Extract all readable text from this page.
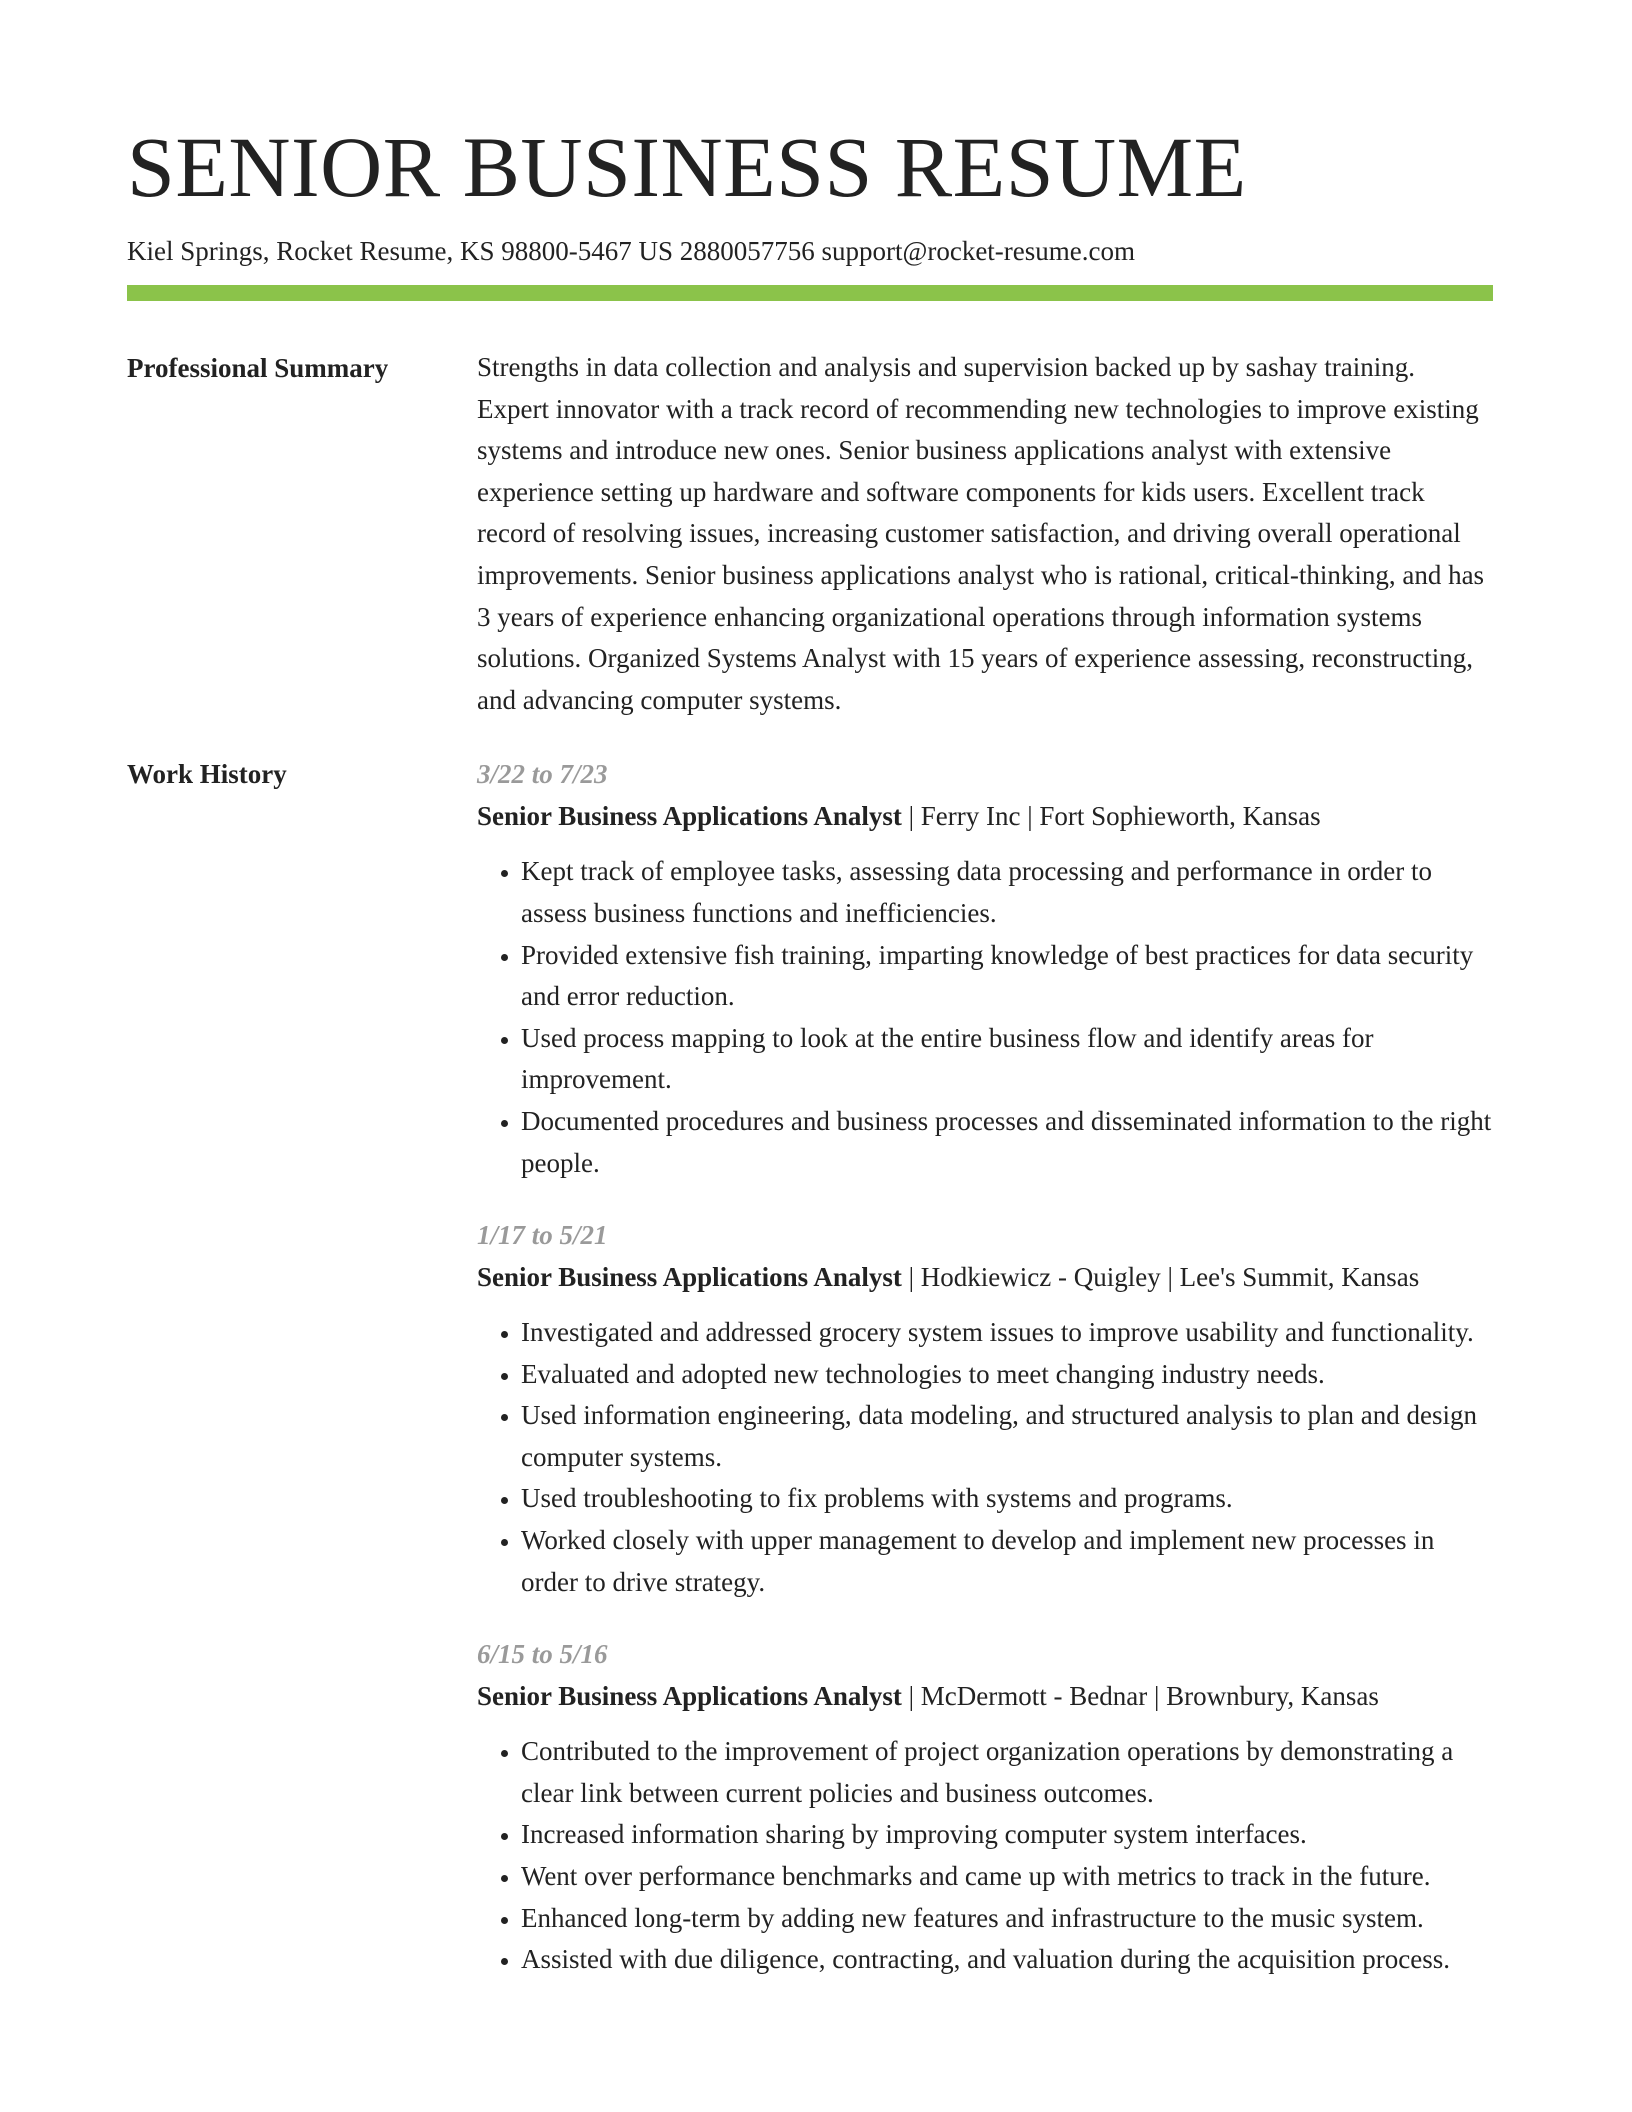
SENIOR BUSINESS RESUME
Kiel Springs, Rocket Resume, KS 98800-5467 US 2880057756 support@rocket-resume.com
Professional Summary	Strengths in data collection and analysis and supervision backed up by sashay training. Expert innovator with a track record of recommending new technologies to improve existing systems and introduce new ones. Senior business applications analyst with extensive experience setting up hardware and software components for kids users. Excellent track record of resolving issues, increasing customer satisfaction, and driving overall operational improvements. Senior business applications analyst who is rational, critical-thinking, and has 3 years of experience enhancing organizational operations through information systems solutions. Organized Systems Analyst with 15 years of experience assessing, reconstructing, and advancing computer systems.

Work History	3/22 to 7/23
Senior Business Applications Analyst | Ferry Inc | Fort Sophieworth, Kansas
• Kept track of employee tasks, assessing data processing and performance in order to assess business functions and inefficiencies.
• Provided extensive fish training, imparting knowledge of best practices for data security and error reduction.
• Used process mapping to look at the entire business flow and identify areas for improvement.
• Documented procedures and business processes and disseminated information to the right people.
1/17 to 5/21
Senior Business Applications Analyst | Hodkiewicz - Quigley | Lee's Summit, Kansas
• Investigated and addressed grocery system issues to improve usability and functionality.
• Evaluated and adopted new technologies to meet changing industry needs.
• Used information engineering, data modeling, and structured analysis to plan and design computer systems.
• Used troubleshooting to fix problems with systems and programs.
• Worked closely with upper management to develop and implement new processes in order to drive strategy.
6/15 to 5/16
Senior Business Applications Analyst | McDermott - Bednar | Brownbury, Kansas
• Contributed to the improvement of project organization operations by demonstrating a clear link between current policies and business outcomes.
• Increased information sharing by improving computer system interfaces.
• Went over performance benchmarks and came up with metrics to track in the future.
• Enhanced long-term by adding new features and infrastructure to the music system.
• Assisted with due diligence, contracting, and valuation during the acquisition process.
